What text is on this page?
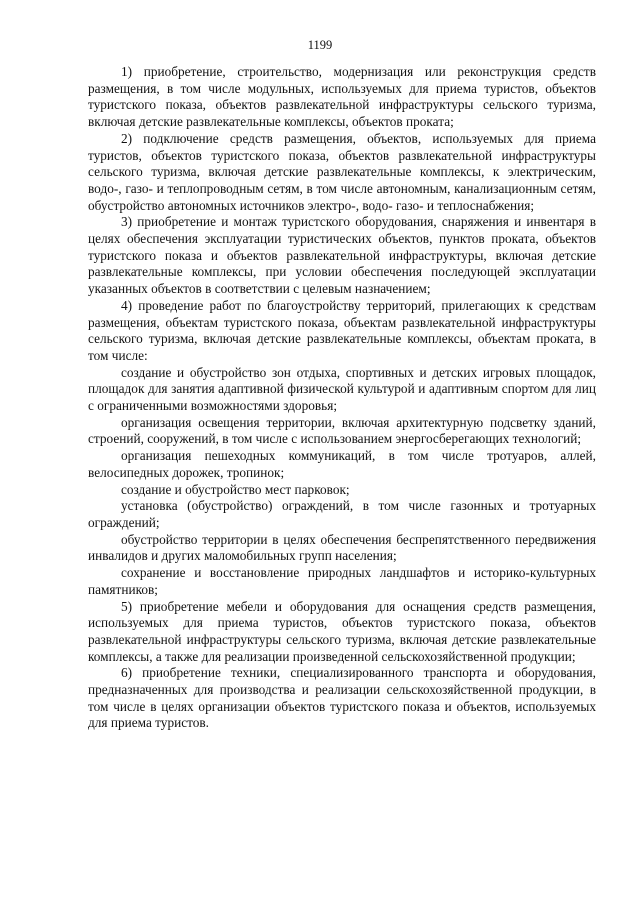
1199

1) приобретение, строительство, модернизация или реконструкция средств размещения, в том числе модульных, используемых для приема туристов, объектов туристского показа, объектов развлекательной инфраструктуры сельского туризма, включая детские развлекательные комплексы, объектов проката;

2) подключение средств размещения, объектов, используемых для приема туристов, объектов туристского показа, объектов развлекательной инфраструктуры сельского туризма, включая детские развлекательные комплексы, к электрическим, водо-, газо- и теплопроводным сетям, в том числе автономным, канализационным сетям, обустройство автономных источников электро-, водо- газо- и теплоснабжения;

3) приобретение и монтаж туристского оборудования, снаряжения и инвентаря в целях обеспечения эксплуатации туристических объектов, пунктов проката, объектов туристского показа и объектов развлекательной инфраструктуры, включая детские развлекательные комплексы, при условии обеспечения последующей эксплуатации указанных объектов в соответствии с целевым назначением;

4) проведение работ по благоустройству территорий, прилегающих к средствам размещения, объектам туристского показа, объектам развлекательной инфраструктуры сельского туризма, включая детские развлекательные комплексы, объектам проката, в том числе:

создание и обустройство зон отдыха, спортивных и детских игровых площадок, площадок для занятия адаптивной физической культурой и адаптивным спортом для лиц с ограниченными возможностями здоровья;

организация освещения территории, включая архитектурную подсветку зданий, строений, сооружений, в том числе с использованием энергосберегающих технологий;

организация пешеходных коммуникаций, в том числе тротуаров, аллей, велосипедных дорожек, тропинок;

создание и обустройство мест парковок;

установка (обустройство) ограждений, в том числе газонных и тротуарных ограждений;

обустройство территории в целях обеспечения беспрепятственного передвижения инвалидов и других маломобильных групп населения;

сохранение и восстановление природных ландшафтов и историко-культурных памятников;

5) приобретение мебели и оборудования для оснащения средств размещения, используемых для приема туристов, объектов туристского показа, объектов развлекательной инфраструктуры сельского туризма, включая детские развлекательные комплексы, а также для реализации произведенной сельскохозяйственной продукции;

6) приобретение техники, специализированного транспорта и оборудования, предназначенных для производства и реализации сельскохозяйственной продукции, в том числе в целях организации объектов туристского показа и объектов, используемых для приема туристов.
